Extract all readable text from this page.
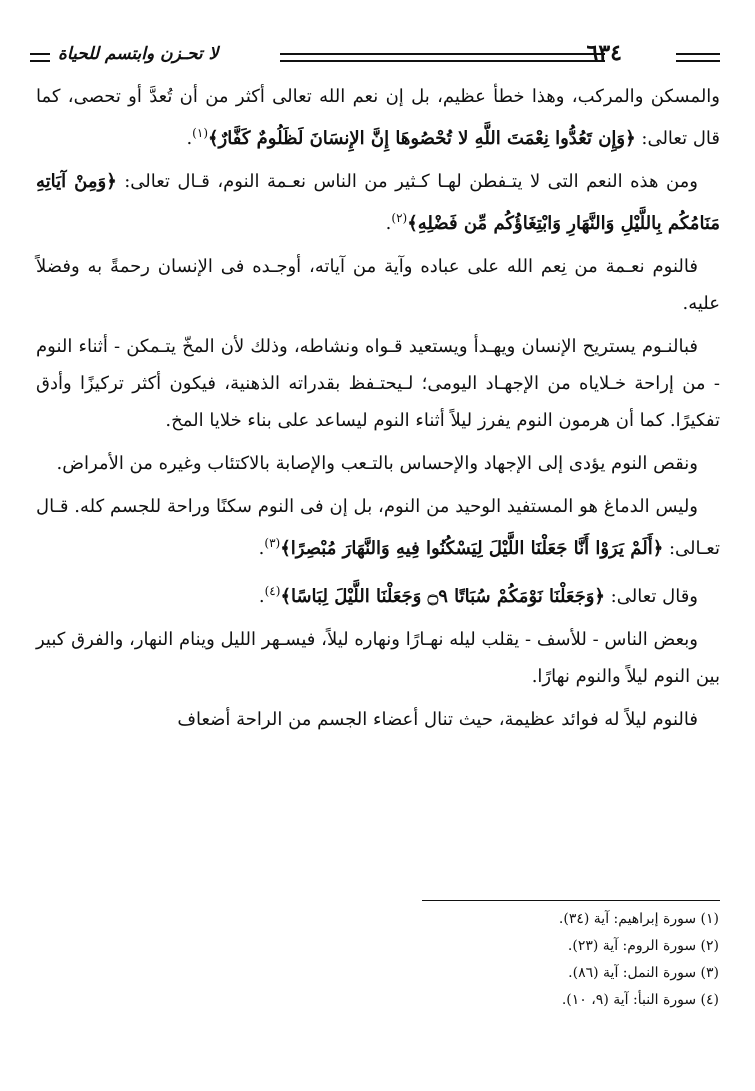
٦٣٤
لا تحـزن وابتسم للحياة

والمسكن والمركب، وهذا خطأ عظيم، بل إن نعم الله تعالى أكثر من أن تُعدَّ أو تحصى، كما قال تعالى: ﴿وَإِن تَعُدُّوا نِعْمَتَ اللَّهِ لا تُحْصُوهَا إِنَّ الإِنسَانَ لَظَلُومٌ كَفَّارٌ﴾$^{(١)}$.

ومن هذه النعم التى لا يتـفطن لهـا كـثير من الناس نعـمة النوم، قـال تعالى: ﴿وَمِنْ آيَاتِهِ مَنَامُكُم بِاللَّيْلِ وَالنَّهَارِ وَابْتِغَاؤُكُم مِّن فَضْلِهِ﴾$^{(٢)}$.

فالنوم نعـمة من نِعم الله على عباده وآية من آياته، أوجـده فى الإنسان رحمةً به وفضلاً عليه.

فبالنـوم يستريح الإنسان ويهـدأ ويستعيد قـواه ونشاطه، وذلك لأن المخّ يتـمكن - أثناء النوم - من إراحة خـلاياه من الإجهـاد اليومى؛ لـيحتـفظ بقدراته الذهنية، فيكون أكثر تركيزًا وأدق تفكيرًا. كما أن هرمون النوم يفرز ليلاً أثناء النوم ليساعد على بناء خلايا المخ.

ونقص النوم يؤدى إلى الإجهاد والإحساس بالتـعب والإصابة بالاكتئاب وغيره من الأمراض.

وليس الدماغ هو المستفيد الوحيد من النوم، بل إن فى النوم سكنًا وراحة للجسم كله. قـال تعـالى: ﴿أَلَمْ يَرَوْا أَنَّا جَعَلْنَا اللَّيْلَ لِيَسْكُنُوا فِيهِ وَالنَّهَارَ مُبْصِرًا﴾$^{(٣)}$.

وقال تعالى: ﴿وَجَعَلْنَا نَوْمَكُمْ سُبَاتًا ۝٩ وَجَعَلْنَا اللَّيْلَ لِبَاسًا﴾$^{(٤)}$.

وبعض الناس - للأسف - يقلب ليله نهـارًا ونهاره ليلاً، فيسـهر الليل وينام النهار، والفرق كبير بين النوم ليلاً والنوم نهارًا.

فالنوم ليلاً له فوائد عظيمة، حيث تنال أعضاء الجسم من الراحة أضعاف

(١) سورة إبراهيم: آية (٣٤).
(٢) سورة الروم: آية (٢٣).
(٣) سورة النمل: آية (٨٦).
(٤) سورة النبأ: آية (٩، ١٠).
